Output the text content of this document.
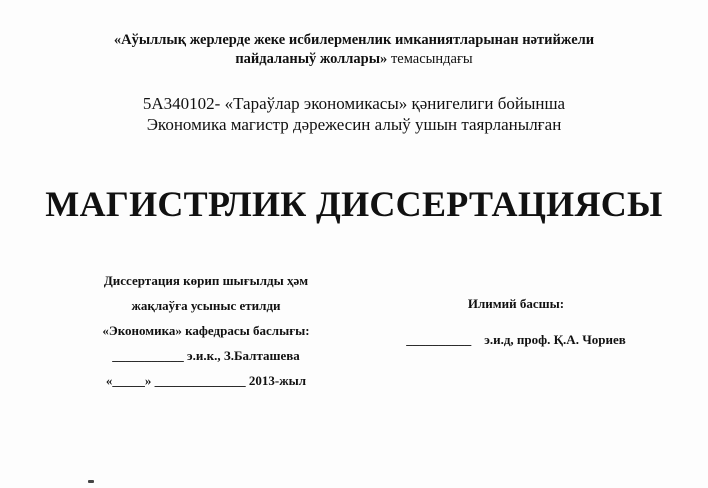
«Аўыллық жерлерде жеке исбилерменлик имканиятларынан нәтийжели
пайдаланыў жоллары» темасындағы
5А340102- «Тараўлар экономикасы» қәнигелиги бойынша
Экономика магистр дәрежесин алыў ушын таярланылған
МАГИСТРЛИК ДИССЕРТАЦИЯСЫ
Диссертация көрип шығылды ҳәм
жақлаўға усыныс етилди
«Экономика» кафедрасы баслығы:
___________ э.и.к., З.Балташева
«_____» ______________ 2013-жыл
Илимий басшы:
__________    э.и.д, проф. Қ.А. Чориев
